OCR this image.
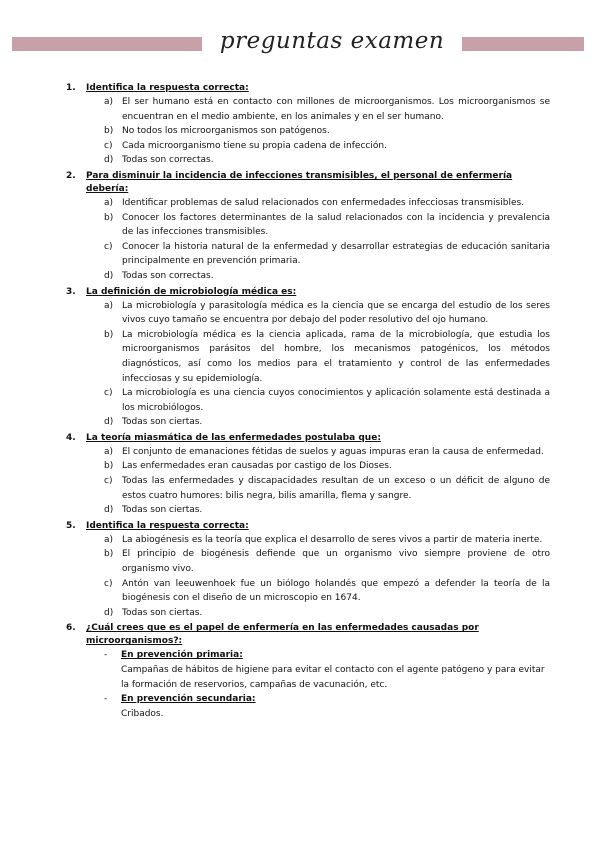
preguntas examen
1. Identifica la respuesta correcta:
a) El ser humano está en contacto con millones de microorganismos. Los microorganismos se encuentran en el medio ambiente, en los animales y en el ser humano.
b) No todos los microorganismos son patógenos.
c) Cada microorganismo tiene su propia cadena de infección.
d) Todas son correctas.
2. Para disminuir la incidencia de infecciones transmisibles, el personal de enfermería debería:
a) Identificar problemas de salud relacionados con enfermedades infecciosas transmisibles.
b) Conocer los factores determinantes de la salud relacionados con la incidencia y prevalencia de las infecciones transmisibles.
c) Conocer la historia natural de la enfermedad y desarrollar estrategias de educación sanitaria principalmente en prevención primaria.
d) Todas son correctas.
3. La definición de microbiología médica es:
a) La microbiología y parasitología médica es la ciencia que se encarga del estudio de los seres vivos cuyo tamaño se encuentra por debajo del poder resolutivo del ojo humano.
b) La microbiología médica es la ciencia aplicada, rama de la microbiología, que estudia los microorganismos parásitos del hombre, los mecanismos patogénicos, los métodos diagnósticos, así como los medios para el tratamiento y control de las enfermedades infecciosas y su epidemiología.
c) La microbiología es una ciencia cuyos conocimientos y aplicación solamente está destinada a los microbiólogos.
d) Todas son ciertas.
4. La teoría miasmática de las enfermedades postulaba que:
a) El conjunto de emanaciones fétidas de suelos y aguas impuras eran la causa de enfermedad.
b) Las enfermedades eran causadas por castigo de los Dioses.
c) Todas las enfermedades y discapacidades resultan de un exceso o un déficit de alguno de estos cuatro humores: bilis negra, bilis amarilla, flema y sangre.
d) Todas son ciertas.
5. Identifica la respuesta correcta:
a) La abiogénesis es la teoría que explica el desarrollo de seres vivos a partir de materia inerte.
b) El principio de biogénesis defiende que un organismo vivo siempre proviene de otro organismo vivo.
c) Antón van leeuwenhoek fue un biólogo holandés que empezó a defender la teoría de la biogénesis con el diseño de un microscopio en 1674.
d) Todas son ciertas.
6. ¿Cuál crees que es el papel de enfermería en las enfermedades causadas por microorganismos?:
- En prevención primaria:
Campañas de hábitos de higiene para evitar el contacto con el agente patógeno y para evitar la formación de reservorios, campañas de vacunación, etc.
- En prevención secundaria:
Cribados.
